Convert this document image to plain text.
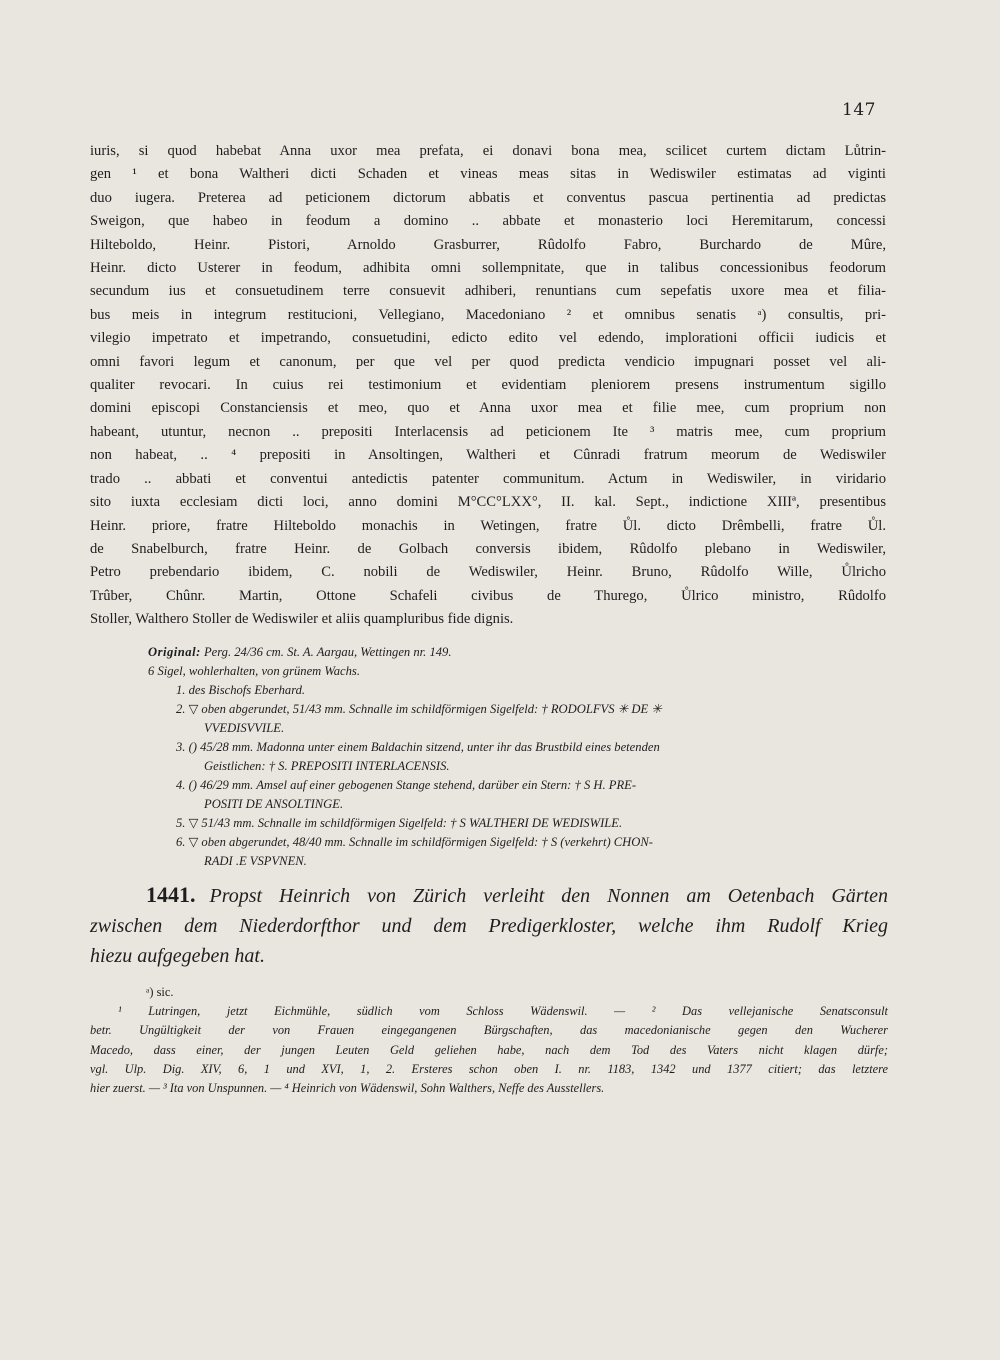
147
iuris, si quod habebat Anna uxor mea prefata, ei donavi bona mea, scilicet curtem dictam Lůtrin-
gen ¹ et bona Waltheri dicti Schaden et vineas meas sitas in Wediswiler estimatas ad viginti
duo iugera. Preterea ad peticionem dictorum abbatis et conventus pascua pertinentia ad predictas
Sweigon, que habeo in feodum a domino .. abbate et monasterio loci Heremitarum, concessi
Hilteboldo, Heinr. Pistori, Arnoldo Grasburrer, Rûdolfo Fabro, Burchardo de Mûre,
Heinr. dicto Usterer in feodum, adhibita omni sollempnitate, que in talibus concessionibus feodorum
secundum ius et consuetudinem terre consuevit adhiberi, renuntians cum sepefatis uxore mea et filia-
bus meis in integrum restitucioni, Vellegiano, Macedoniano ² et omnibus senatis ᵃ) consultis, pri-
vilegio impetrato et impetrando, consuetudini, edicto edito vel edendo, implorationi officii iudicis et
omni favori legum et canonum, per que vel per quod predicta vendicio impugnari posset vel ali-
qualiter revocari. In cuius rei testimonium et evidentiam pleniorem presens instrumentum sigillo
domini episcopi Constanciensis et meo, quo et Anna uxor mea et filie mee, cum proprium non
habeant, utuntur, necnon .. prepositi Interlacensis ad peticionem Ite ³ matris mee, cum proprium
non habeat, .. ⁴ prepositi in Ansoltingen, Waltheri et Cûnradi fratrum meorum de Wediswiler
trado .. abbati et conventui antedictis patenter communitum. Actum in Wediswiler, in viridario
sito iuxta ecclesiam dicti loci, anno domini M°CC°LXX°, II. kal. Sept., indictione XIIIª, presentibus
Heinr. priore, fratre Hilteboldo monachis in Wetingen, fratre Ůl. dicto Drêmbelli, fratre Ůl.
de Snabelburch, fratre Heinr. de Golbach conversis ibidem, Rûdolfo plebano in Wediswiler,
Petro prebendario ibidem, C. nobili de Wediswiler, Heinr. Bruno, Rûdolfo Wille, Ůlricho
Trûber, Chûnr. Martin, Ottone Schafeli civibus de Thurego, Ůlrico ministro, Rûdolfo
Stoller, Walthero Stoller de Wediswiler et aliis quampluribus fide dignis.
Original: Perg. 24/36 cm. St. A. Aargau, Wettingen nr. 149.
6 Sigel, wohlerhalten, von grünem Wachs.
1. des Bischofs Eberhard.
2. ▽ oben abgerundet, 51/43 mm. Schnalle im schildförmigen Sigelfeld: † RODOLFVS ✳ DE ✳
VVEDISVVILE.
3. () 45/28 mm. Madonna unter einem Baldachin sitzend, unter ihr das Brustbild eines betenden
Geistlichen: † S. PREPOSITI INTERLACENSIS.
4. () 46/29 mm. Amsel auf einer gebogenen Stange stehend, darüber ein Stern: † S H. PRE-
POSITI DE ANSOLTINGE.
5. ▽ 51/43 mm. Schnalle im schildförmigen Sigelfeld: † S WALTHERI DE WEDISWILE.
6. ▽ oben abgerundet, 48/40 mm. Schnalle im schildförmigen Sigelfeld: † S (verkehrt) CHON-
RADI .E VSPVNEN.
1441. Propst Heinrich von Zürich verleiht den Nonnen am Oetenbach Gärten
zwischen dem Niederdorfthor und dem Predigerkloster, welche ihm Rudolf Krieg
hiezu aufgegeben hat.
ᵃ) sic.
¹ Lutringen, jetzt Eichmühle, südlich vom Schloss Wädenswil. — ² Das vellejanische Senatsconsult
betr. Ungültigkeit der von Frauen eingegangenen Bürgschaften, das macedonianische gegen den Wucherer
Macedo, dass einer, der jungen Leuten Geld geliehen habe, nach dem Tod des Vaters nicht klagen dürfe;
vgl. Ulp. Dig. XIV, 6, 1 und XVI, 1, 2. Ersteres schon oben I. nr. 1183, 1342 und 1377 citiert; das letztere
hier zuerst. — ³ Ita von Unspunnen. — ⁴ Heinrich von Wädenswil, Sohn Walthers, Neffe des Ausstellers.
